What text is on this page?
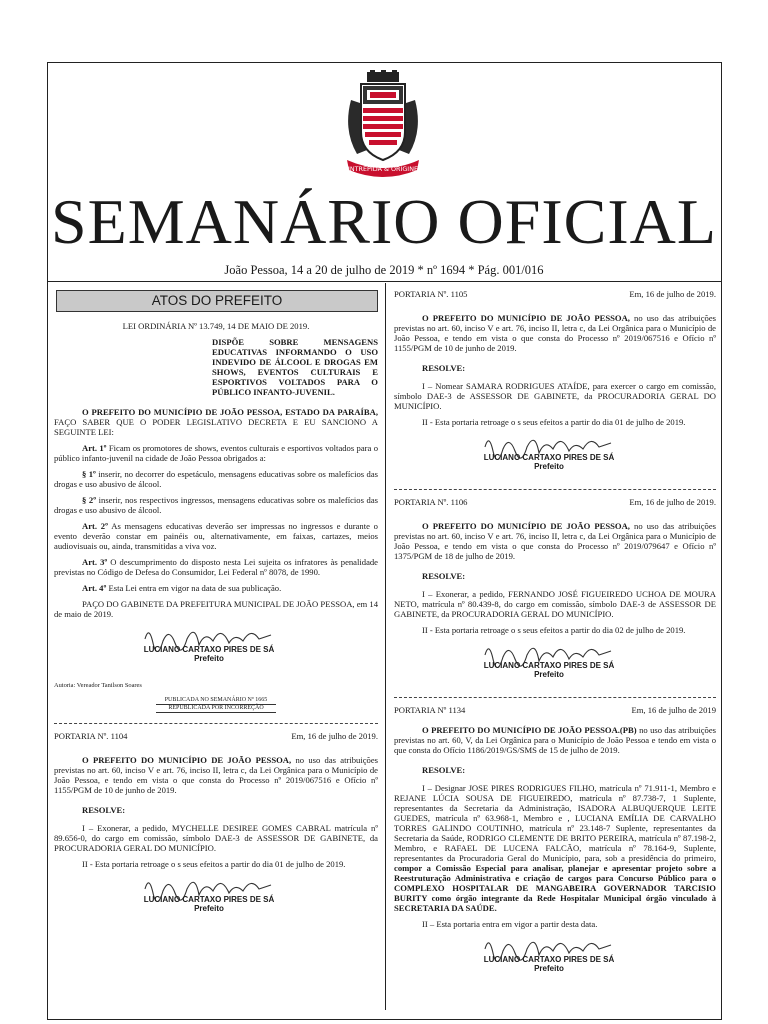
INTREPIDA & ORIGINE
SEMANÁRIO OFICIAL
João Pessoa, 14 a 20 de julho de 2019 * nº 1694 * Pág. 001/016
ATOS DO PREFEITO

LEI ORDINÁRIA Nº 13.749, 14 DE MAIO DE 2019.

DISPÕE SOBRE MENSAGENS EDUCATIVAS INFORMANDO O USO INDEVIDO DE ÁLCOOL E DROGAS EM SHOWS, EVENTOS CULTURAIS E ESPORTIVOS VOLTADOS PARA O PÚBLICO INFANTO-JUVENIL.

O PREFEITO DO MUNICÍPIO DE JOÃO PESSOA, ESTADO DA PARAÍBA, FAÇO SABER QUE O PODER LEGISLATIVO DECRETA E EU SANCIONO A SEGUINTE LEI:

Art. 1º Ficam os promotores de shows, eventos culturais e esportivos voltados para o público infanto-juvenil na cidade de João Pessoa obrigados a:

§ 1º inserir, no decorrer do espetáculo, mensagens educativas sobre os malefícios das drogas e uso abusivo de álcool.

§ 2º inserir, nos respectivos ingressos, mensagens educativas sobre os malefícios das drogas e uso abusivo de álcool.

Art. 2º As mensagens educativas deverão ser impressas no ingressos e durante o evento deverão constar em painéis ou, alternativamente, em faixas, cartazes, meios audiovisuais ou, ainda, transmitidas a viva voz.

Art. 3º O descumprimento do disposto nesta Lei sujeita os infratores às penalidade previstas no Código de Defesa do Consumidor, Lei Federal nº 8078, de 1990.

Art. 4º Esta Lei entra em vigor na data de sua publicação.

PAÇO DO GABINETE DA PREFEITURA MUNICIPAL DE JOÃO PESSOA, em 14 de maio de 2019.

LUCIANO CARTAXO PIRES DE SÁ
Prefeito

Autoria: Vereador Tanilson Soares

PUBLICADA NO SEMANÁRIO Nº 1665
REPUBLICADA POR INCORREÇÃO
PORTARIA Nº. 1104	Em, 16 de julho de 2019.

O PREFEITO DO MUNICÍPIO DE JOÃO PESSOA, no uso das atribuições previstas no art. 60, inciso V e art. 76, inciso II, letra c, da Lei Orgânica para o Município de João Pessoa, e tendo em vista o que consta do Processo nº 2019/067516 e Ofício nº 1155/PGM de 10 de junho de 2019.

RESOLVE:

I – Exonerar, a pedido, MYCHELLE DESIREE GOMES CABRAL matrícula nº 89.656-0, do cargo em comissão, símbolo DAE-3 de ASSESSOR DE GABINETE, da PROCURADORIA GERAL DO MUNICÍPIO.

II - Esta portaria retroage o s seus efeitos a partir do dia 01 de julho de 2019.

LUCIANO CARTAXO PIRES DE SÁ
Prefeito
PORTARIA Nº. 1105	Em, 16 de julho de 2019.

O PREFEITO DO MUNICÍPIO DE JOÃO PESSOA, no uso das atribuições previstas no art. 60, inciso V e art. 76, inciso II, letra c, da Lei Orgânica para o Município de João Pessoa, e tendo em vista o que consta do Processo nº 2019/067516 e Ofício nº 1155/PGM de 10 de junho de 2019.

RESOLVE:

I – Nomear SAMARA RODRIGUES ATAÍDE, para exercer o cargo em comissão, símbolo DAE-3 de ASSESSOR DE GABINETE, da PROCURADORIA GERAL DO MUNICÍPIO.

II - Esta portaria retroage o s seus efeitos a partir do dia 01 de julho de 2019.

LUCIANO CARTAXO PIRES DE SÁ
Prefeito
PORTARIA Nº. 1106	Em, 16 de julho de 2019.

O PREFEITO DO MUNICÍPIO DE JOÃO PESSOA, no uso das atribuições previstas no art. 60, inciso V e art. 76, inciso II, letra c, da Lei Orgânica para o Município de João Pessoa, e tendo em vista o que consta do Processo nº 2019/079647 e Ofício nº 1375/PGM de 18 de julho de 2019.

RESOLVE:

I – Exonerar, a pedido, FERNANDO JOSÉ FIGUEIREDO UCHOA DE MOURA NETO, matrícula nº 80.439-8, do cargo em comissão, símbolo DAE-3 de ASSESSOR DE GABINETE, da PROCURADORIA GERAL DO MUNICÍPIO.

II - Esta portaria retroage o s seus efeitos a partir do dia 02 de julho de 2019.

LUCIANO CARTAXO PIRES DE SÁ
Prefeito
PORTARIA Nº 1134	Em, 16 de julho de 2019

O PREFEITO DO MUNICÍPIO DE JOÃO PESSOA.(PB) no uso das atribuições previstas no art. 60, V, da Lei Orgânica para o Município de João Pessoa e tendo em vista o que consta do Ofício 1186/2019/GS/SMS de 15 de julho de 2019.

RESOLVE:

I – Designar JOSE PIRES RODRIGUES FILHO, matrícula nº 71.911-1, Membro e REJANE LÚCIA SOUSA DE FIGUEIREDO, matrícula nº 87.738-7, 1 Suplente, representantes da Secretaria da Administração, ISADORA ALBUQUERQUE LEITE GUEDES, matrícula nº 63.968-1, Membro e , LUCIANA EMÍLIA DE CARVALHO TORRES GALINDO COUTINHO, matrícula nº 23.148-7 Suplente, representantes da Secretaria da Saúde, RODRIGO CLEMENTE DE BRITO PEREIRA, matrícula nº 87.198-2, Membro, e RAFAEL DE LUCENA FALCÃO, matrícula nº 78.164-9, Suplente, representantes da Procuradoria Geral do Município, para, sob a presidência do primeiro, compor a Comissão Especial para analisar, planejar e apresentar projeto sobre a Reestruturação Administrativa e criação de cargos para Concurso Público para o COMPLEXO HOSPITALAR DE MANGABEIRA GOVERNADOR TARCISIO BURITY como órgão integrante da Rede Hospitalar Municipal órgão vinculado à SECRETARIA DA SAÚDE.

II – Esta portaria entra em vigor a partir desta data.

LUCIANO CARTAXO PIRES DE SÁ
Prefeito
